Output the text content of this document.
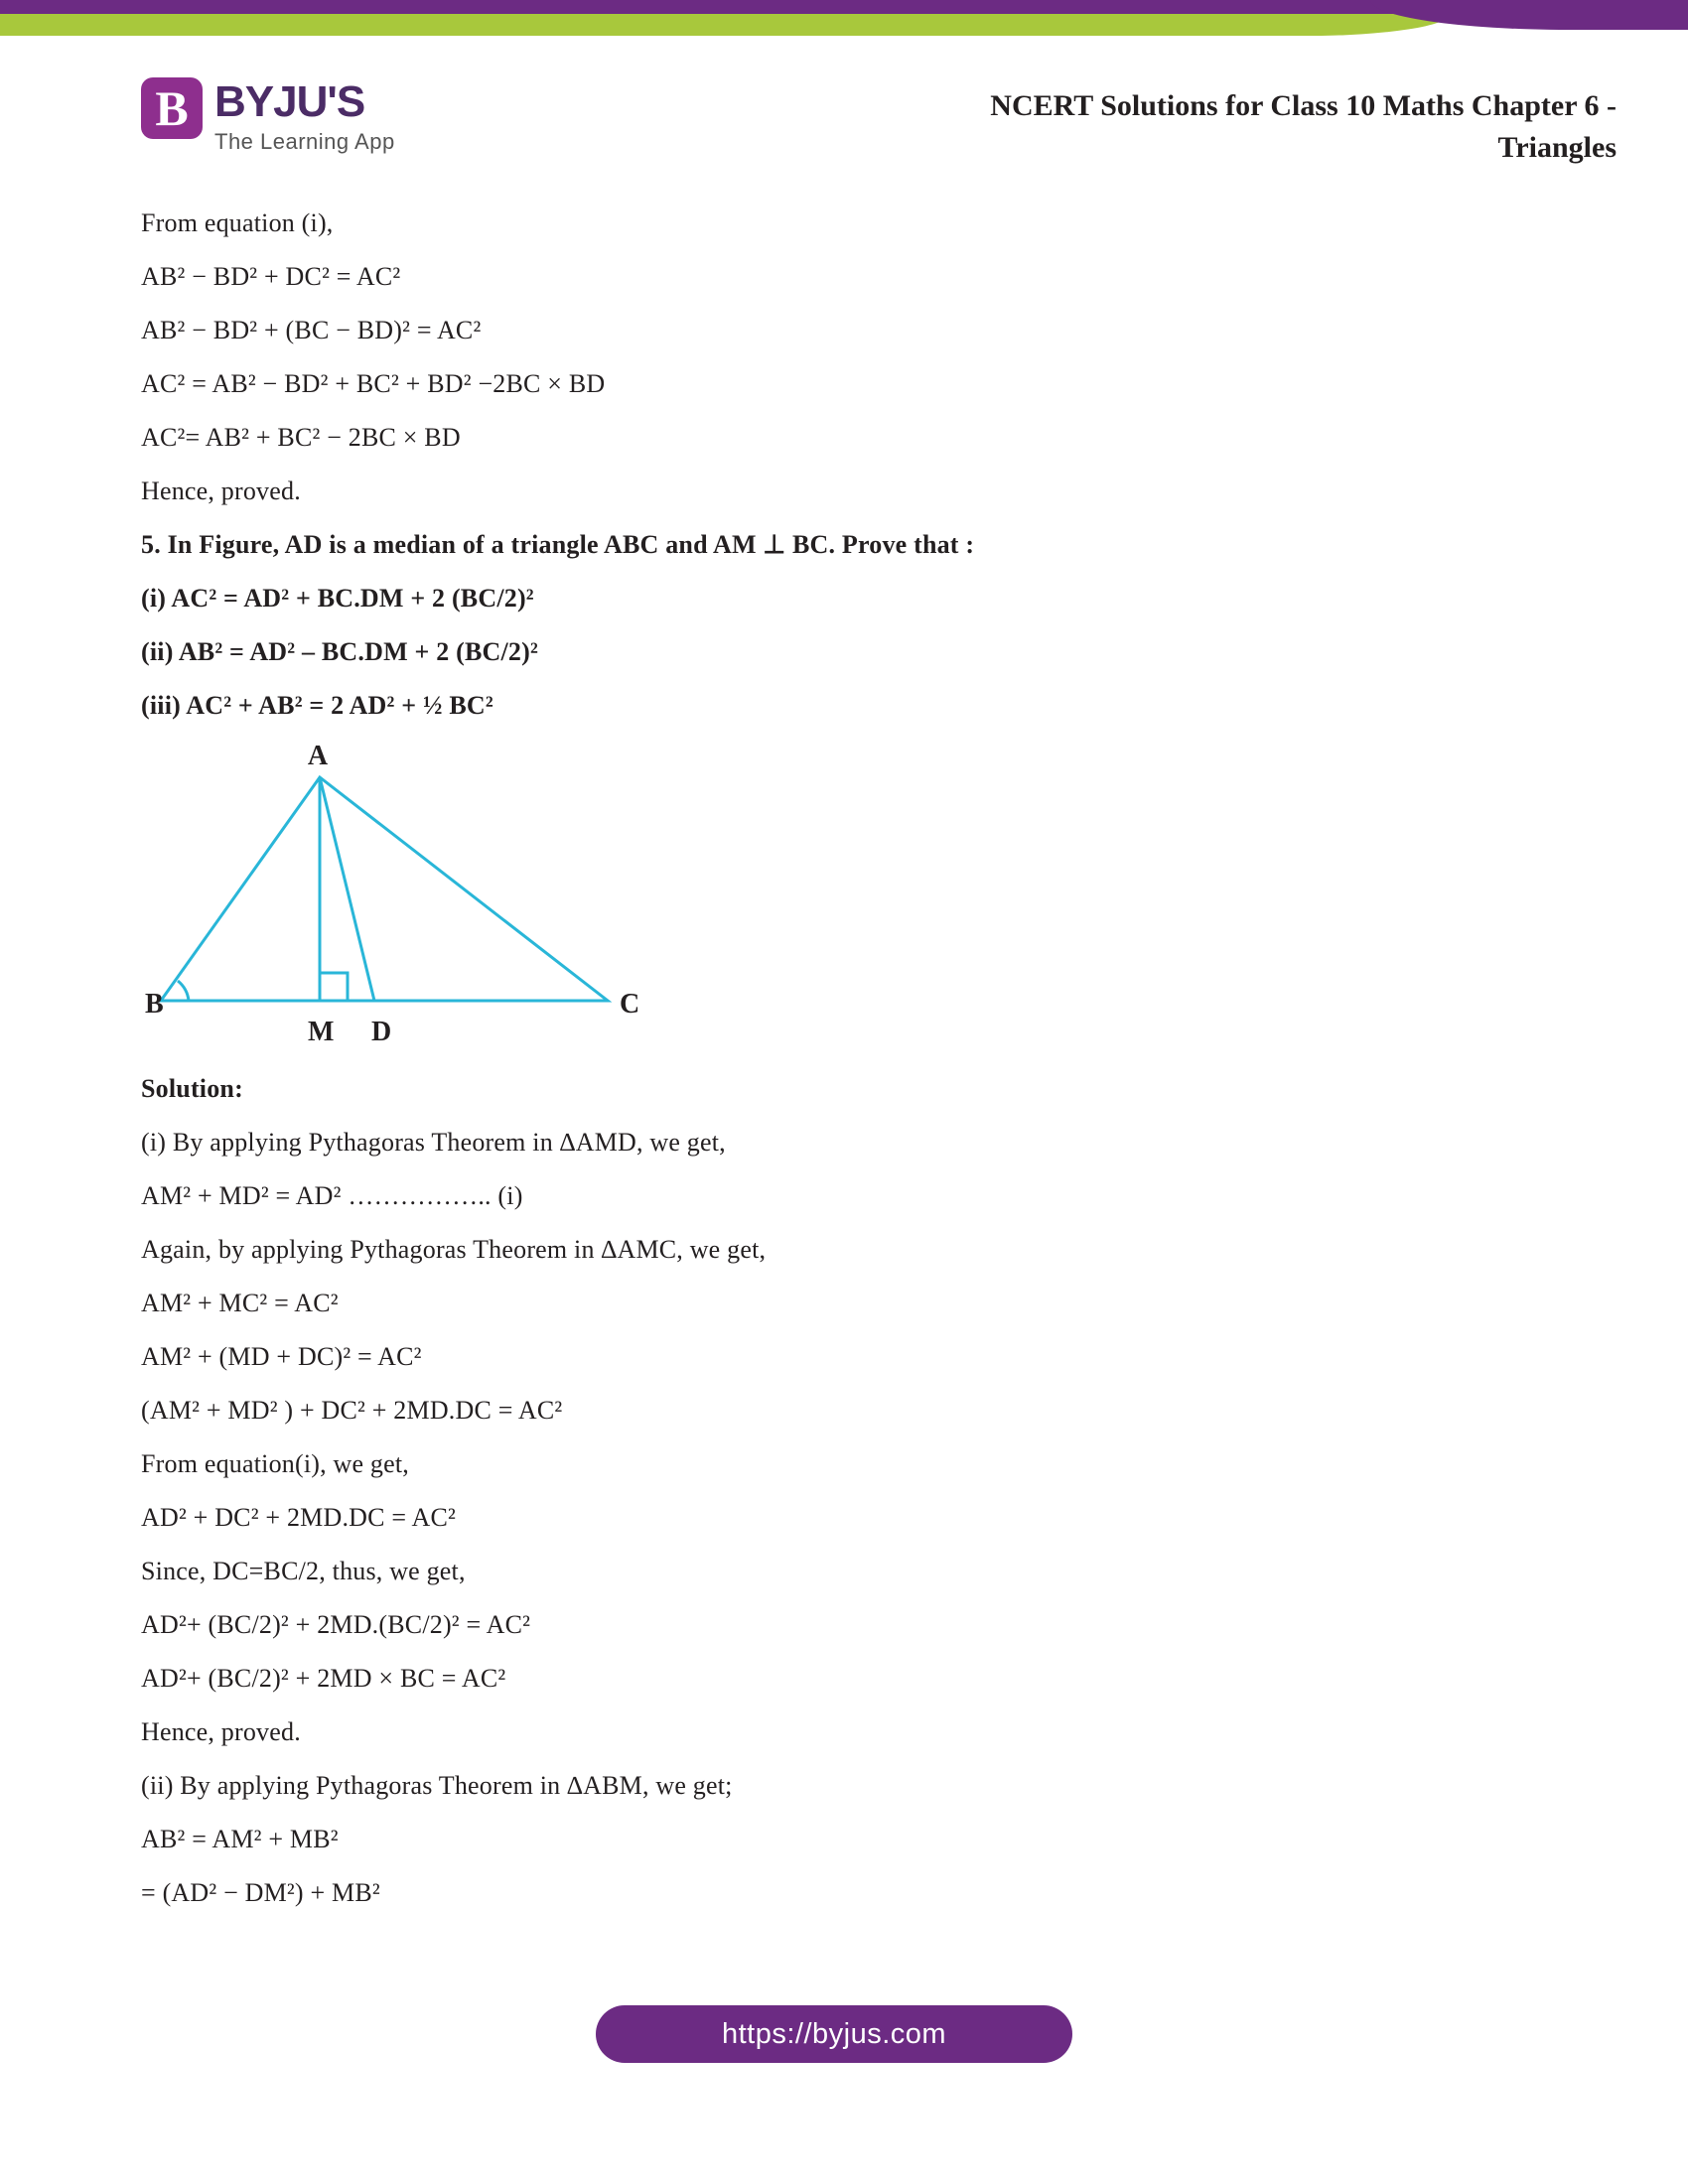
B BYJU'S
The Learning App
NCERT Solutions for Class 10 Maths Chapter 6 -
Triangles

From equation (i),

AB² − BD² + DC² = AC²

AB² − BD² + (BC − BD)² = AC²

AC² = AB² − BD² + BC² + BD² −2BC × BD

AC²= AB² + BC² − 2BC × BD

Hence, proved.

5. In Figure, AD is a median of a triangle ABC and AM ⊥ BC. Prove that :

(i) AC² = AD² + BC.DM + 2 (BC/2)²

(ii) AB² = AD² – BC.DM + 2 (BC/2)²

(iii) AC² + AB² = 2 AD² + ½ BC²

A
B	C
M D

Solution:

(i) By applying Pythagoras Theorem in ∆AMD, we get,

AM² + MD² = AD² …………….. (i)

Again, by applying Pythagoras Theorem in ∆AMC, we get,

AM² + MC² = AC²

AM² + (MD + DC)² = AC²

(AM² + MD² ) + DC² + 2MD.DC = AC²

From equation(i), we get,

AD² + DC² + 2MD.DC = AC²

Since, DC=BC/2, thus, we get,

AD²+ (BC/2)² + 2MD.(BC/2)² = AC²

AD²+ (BC/2)² + 2MD × BC = AC²

Hence, proved.

(ii) By applying Pythagoras Theorem in ∆ABM, we get;

AB² = AM² + MB²

= (AD² − DM²) + MB²

https://byjus.com
